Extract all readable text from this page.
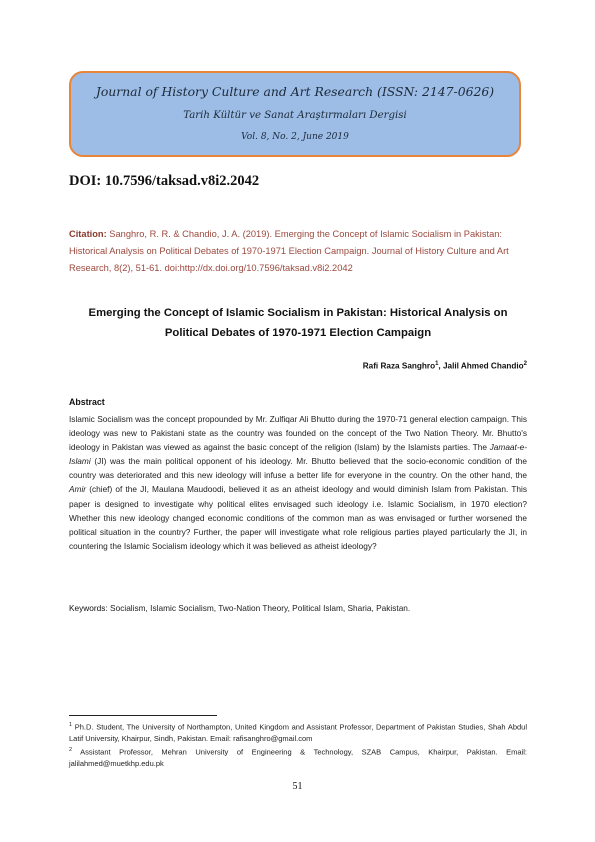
Journal of History Culture and Art Research (ISSN: 2147-0626)
Tarih Kültür ve Sanat Araştırmaları Dergisi
Vol. 8, No. 2, June 2019
DOI: 10.7596/taksad.v8i2.2042
Citation: Sanghro, R. R. & Chandio, J. A. (2019). Emerging the Concept of Islamic Socialism in Pakistan: Historical Analysis on Political Debates of 1970-1971 Election Campaign. Journal of History Culture and Art Research, 8(2), 51-61. doi:http://dx.doi.org/10.7596/taksad.v8i2.2042
Emerging the Concept of Islamic Socialism in Pakistan: Historical Analysis on Political Debates of 1970-1971 Election Campaign
Rafi Raza Sanghro$^1$, Jalil Ahmed Chandio$^2$
Abstract
Islamic Socialism was the concept propounded by Mr. Zulfiqar Ali Bhutto during the 1970-71 general election campaign. This ideology was new to Pakistani state as the country was founded on the concept of the Two Nation Theory. Mr. Bhutto's ideology in Pakistan was viewed as against the basic concept of the religion (Islam) by the Islamists parties. The Jamaat-e-Islami (JI) was the main political opponent of his ideology. Mr. Bhutto believed that the socio-economic condition of the country was deteriorated and this new ideology will infuse a better life for everyone in the country. On the other hand, the Amir (chief) of the JI, Maulana Maudoodi, believed it as an atheist ideology and would diminish Islam from Pakistan. This paper is designed to investigate why political elites envisaged such ideology i.e. Islamic Socialism, in 1970 election? Whether this new ideology changed economic conditions of the common man as was envisaged or further worsened the political situation in the country? Further, the paper will investigate what role religious parties played particularly the JI, in countering the Islamic Socialism ideology which it was believed as atheist ideology?
Keywords: Socialism, Islamic Socialism, Two-Nation Theory, Political Islam, Sharia, Pakistan.
$^1$ Ph.D. Student, The University of Northampton, United Kingdom and Assistant Professor, Department of Pakistan Studies, Shah Abdul Latif University, Khairpur, Sindh, Pakistan. Email: rafisanghro@gmail.com
$^2$ Assistant Professor, Mehran University of Engineering & Technology, SZAB Campus, Khairpur, Pakistan. Email: jalilahmed@muetkhp.edu.pk
51
